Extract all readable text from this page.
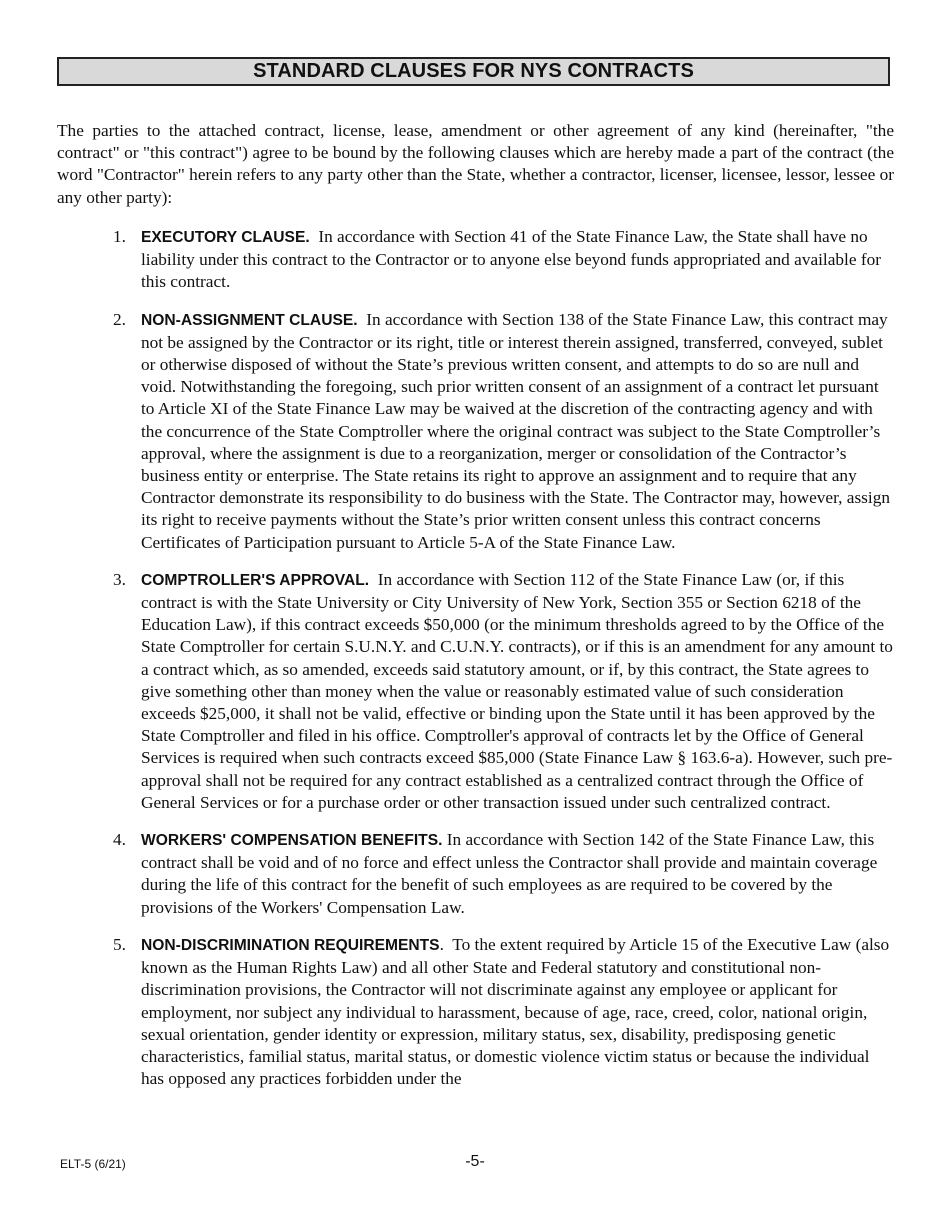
STANDARD CLAUSES FOR NYS CONTRACTS

The parties to the attached contract, license, lease, amendment or other agreement of any kind (hereinafter, "the contract" or "this contract") agree to be bound by the following clauses which are hereby made a part of the contract (the word "Contractor" herein refers to any party other than the State, whether a contractor, licenser, licensee, lessor, lessee or any other party):

1. EXECUTORY CLAUSE. In accordance with Section 41 of the State Finance Law, the State shall have no liability under this contract to the Contractor or to anyone else beyond funds appropriated and available for this contract.
2. NON-ASSIGNMENT CLAUSE. In accordance with Section 138 of the State Finance Law, this contract may not be assigned by the Contractor or its right, title or interest therein assigned, transferred, conveyed, sublet or otherwise disposed of without the State’s previous written consent, and attempts to do so are null and void. Notwithstanding the foregoing, such prior written consent of an assignment of a contract let pursuant to Article XI of the State Finance Law may be waived at the discretion of the contracting agency and with the concurrence of the State Comptroller where the original contract was subject to the State Comptroller’s approval, where the assignment is due to a reorganization, merger or consolidation of the Contractor’s business entity or enterprise. The State retains its right to approve an assignment and to require that any Contractor demonstrate its responsibility to do business with the State. The Contractor may, however, assign its right to receive payments without the State’s prior written consent unless this contract concerns Certificates of Participation pursuant to Article 5-A of the State Finance Law.
3. COMPTROLLER'S APPROVAL. In accordance with Section 112 of the State Finance Law (or, if this contract is with the State University or City University of New York, Section 355 or Section 6218 of the Education Law), if this contract exceeds $50,000 (or the minimum thresholds agreed to by the Office of the State Comptroller for certain S.U.N.Y. and C.U.N.Y. contracts), or if this is an amendment for any amount to a contract which, as so amended, exceeds said statutory amount, or if, by this contract, the State agrees to give something other than money when the value or reasonably estimated value of such consideration exceeds $25,000, it shall not be valid, effective or binding upon the State until it has been approved by the State Comptroller and filed in his office. Comptroller's approval of contracts let by the Office of General Services is required when such contracts exceed $85,000 (State Finance Law § 163.6-a). However, such pre-approval shall not be required for any contract established as a centralized contract through the Office of General Services or for a purchase order or other transaction issued under such centralized contract.
4. WORKERS' COMPENSATION BENEFITS. In accordance with Section 142 of the State Finance Law, this contract shall be void and of no force and effect unless the Contractor shall provide and maintain coverage during the life of this contract for the benefit of such employees as are required to be covered by the provisions of the Workers' Compensation Law.
5. NON-DISCRIMINATION REQUIREMENTS.  To the extent required by Article 15 of the Executive Law (also known as the Human Rights Law) and all other State and Federal statutory and constitutional non-discrimination provisions, the Contractor will not discriminate against any employee or applicant for employment, nor subject any individual to harassment, because of age, race, creed, color, national origin, sexual orientation, gender identity or expression, military status, sex, disability, predisposing genetic characteristics, familial status, marital status, or domestic violence victim status or because the individual has opposed any practices forbidden under the
ELT-5 (6/21)	-5-
